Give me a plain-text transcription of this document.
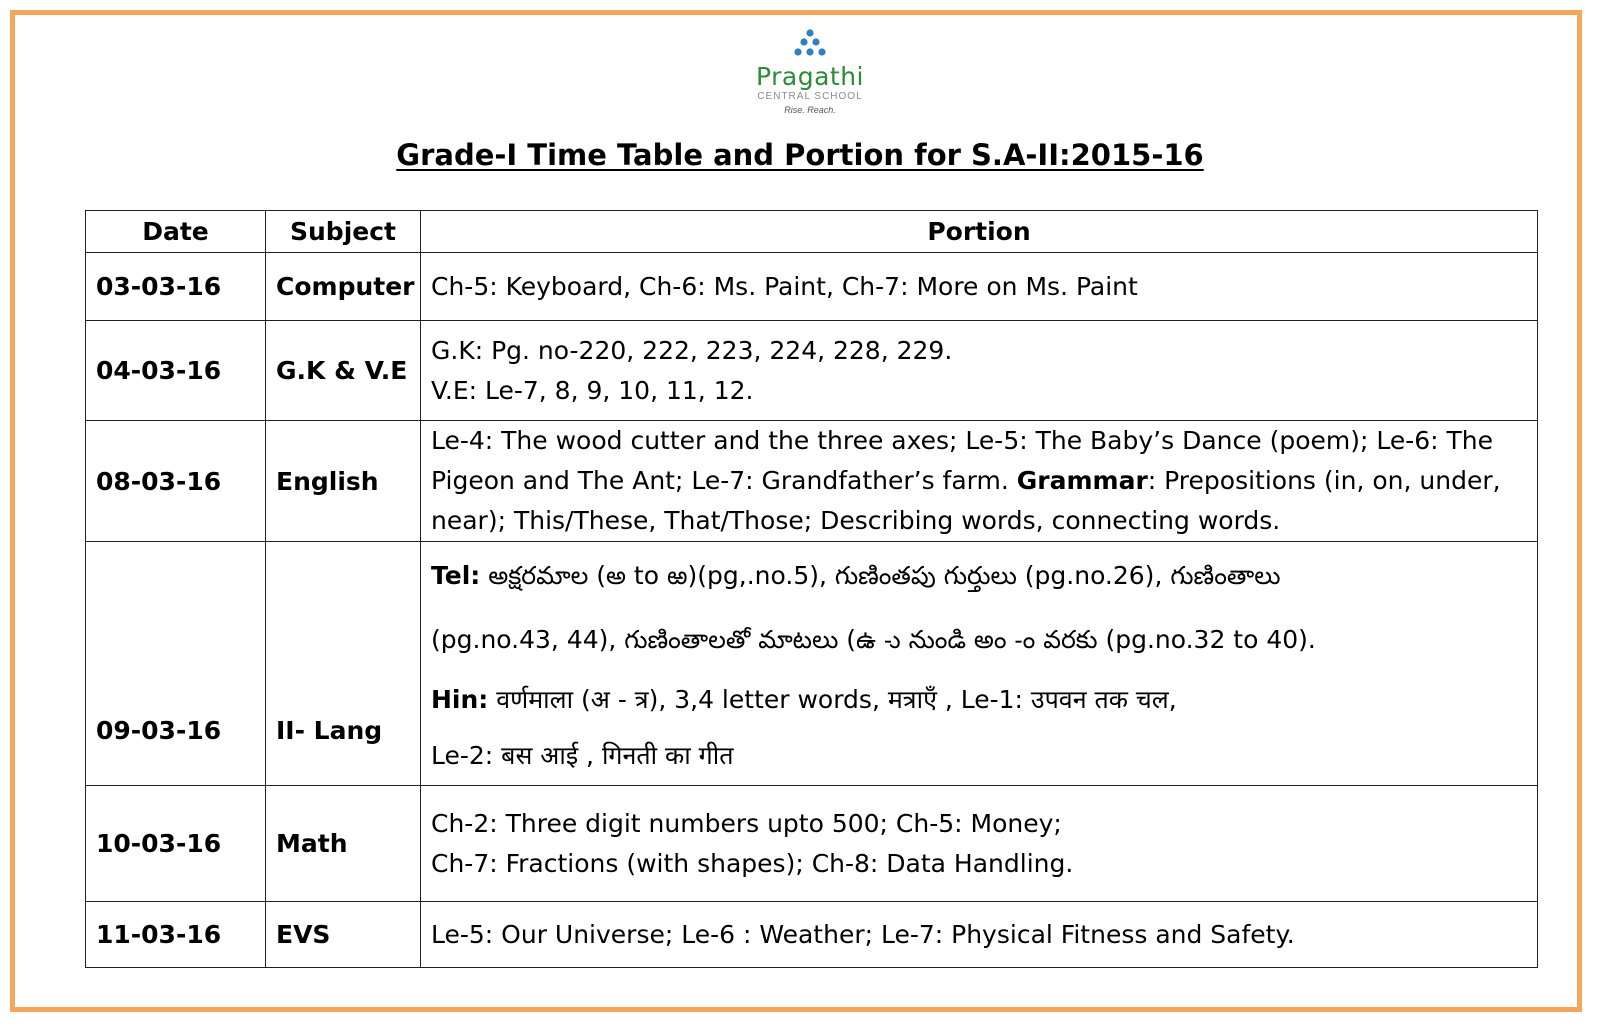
Pragathi
CENTRAL SCHOOL
Rise. Reach.
Grade-I Time Table and Portion for S.A-II:2015-16
Date	Subject	Portion
03-03-16	Computer	Ch-5: Keyboard, Ch-6: Ms. Paint, Ch-7: More on Ms. Paint
04-03-16	G.K & V.E	G.K: Pg. no-220, 222, 223, 224, 228, 229.
V.E: Le-7, 8, 9, 10, 11, 12.

08-03-16	English	Le-4: The wood cutter and the three axes; Le-5: The Baby’s Dance (poem); Le-6: The Pigeon and The Ant; Le-7: Grandfather’s farm. Grammar: Prepositions (in, on, under, near); This/These, That/Those; Describing words, connecting words.
09-03-16	II- Lang	Tel: అక్షరమాల (అ to ఱ)(pg,.no.5), గుణింతపు గుర్తులు (pg.no.26), గుణింతాలు
(pg.no.43, 44), గుణింతాలతో మాటలు (ఉ -ు నుండి అం -ం వరకు (pg.no.32 to 40).
Hin: वर्णमाला (अ - त्र), 3,4 letter words, मत्राएँ , Le-1: उपवन तक चल,
Le-2: बस आई , गिनती का गीत

10-03-16	Math	Ch-2: Three digit numbers upto 500; Ch-5: Money;
Ch-7: Fractions (with shapes); Ch-8: Data Handling.

11-03-16	EVS	Le-5: Our Universe; Le-6 : Weather; Le-7: Physical Fitness and Safety.
